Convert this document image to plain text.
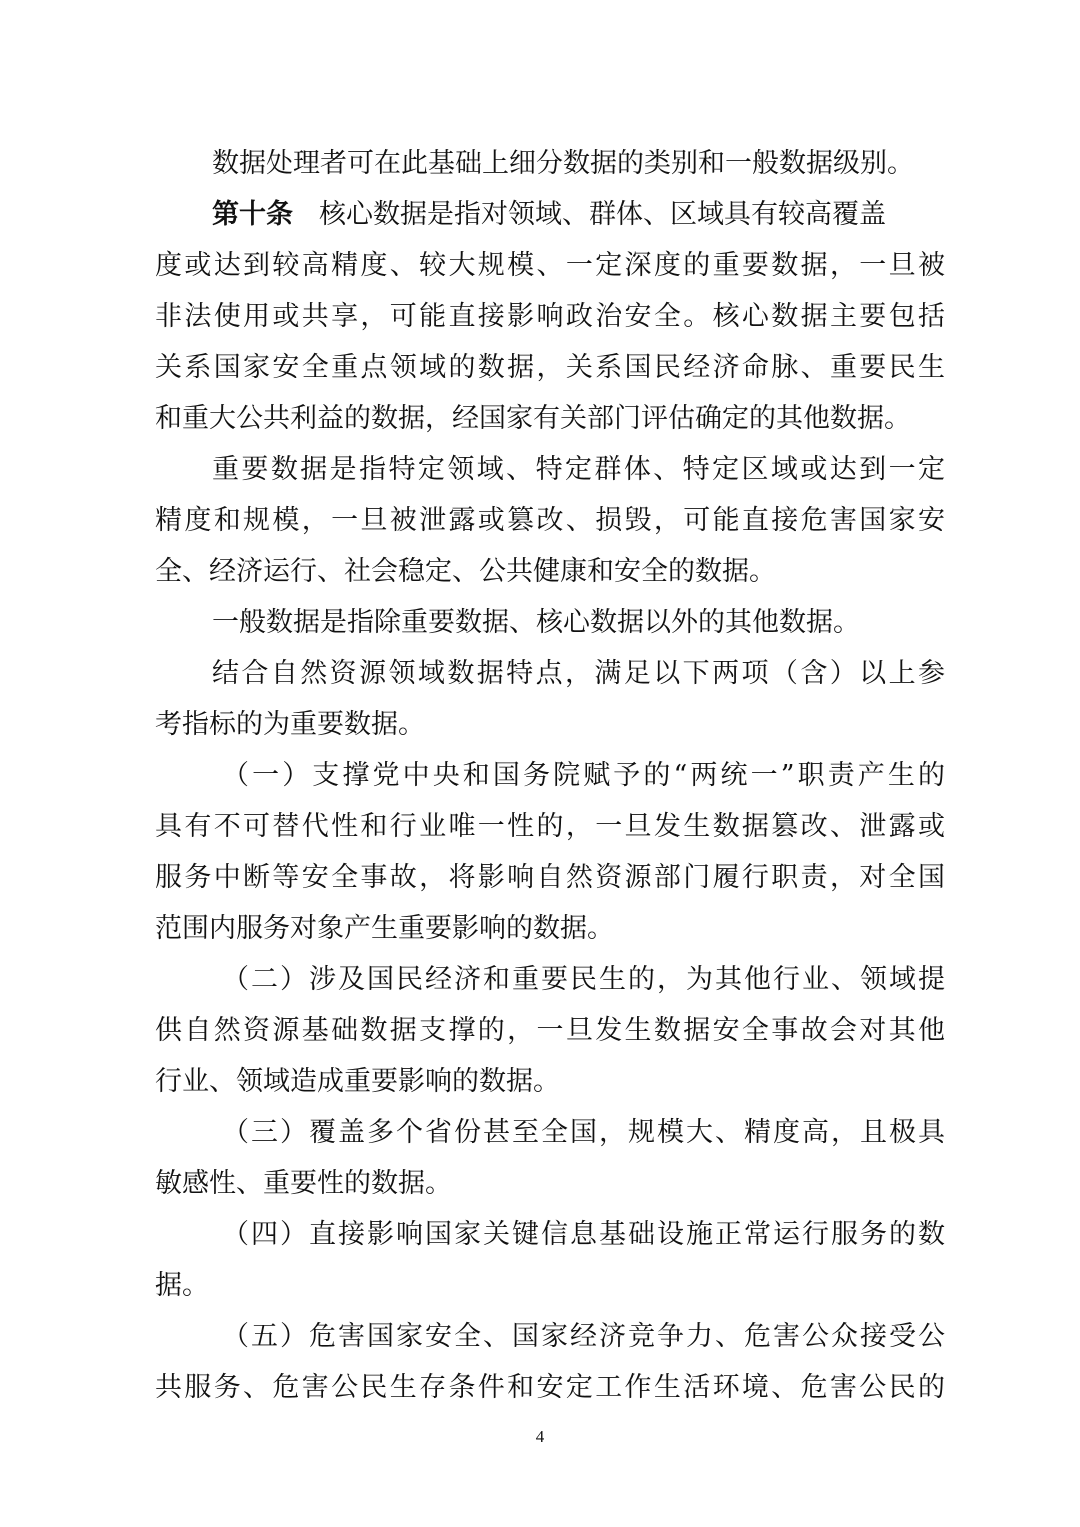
数据处理者可在此基础上细分数据的类别和一般数据级别。
第十条 核心数据是指对领域、群体、区域具有较高覆盖
度或达到较高精度、较大规模、一定深度的重要数据，一旦被
非法使用或共享，可能直接影响政治安全。核心数据主要包括
关系国家安全重点领域的数据，关系国民经济命脉、重要民生
和重大公共利益的数据，经国家有关部门评估确定的其他数据。
重要数据是指特定领域、特定群体、特定区域或达到一定
精度和规模，一旦被泄露或篡改、损毁，可能直接危害国家安
全、经济运行、社会稳定、公共健康和安全的数据。
一般数据是指除重要数据、核心数据以外的其他数据。
结合自然资源领域数据特点，满足以下两项（含）以上参
考指标的为重要数据。
（一）支撑党中央和国务院赋予的“两统一”职责产生的
具有不可替代性和行业唯一性的，一旦发生数据篡改、泄露或
服务中断等安全事故，将影响自然资源部门履行职责，对全国
范围内服务对象产生重要影响的数据。
（二）涉及国民经济和重要民生的，为其他行业、领域提
供自然资源基础数据支撑的，一旦发生数据安全事故会对其他
行业、领域造成重要影响的数据。
（三）覆盖多个省份甚至全国，规模大、精度高，且极具
敏感性、重要性的数据。
（四）直接影响国家关键信息基础设施正常运行服务的数
据。
（五）危害国家安全、国家经济竞争力、危害公众接受公
共服务、危害公民生存条件和安定工作生活环境、危害公民的
4
